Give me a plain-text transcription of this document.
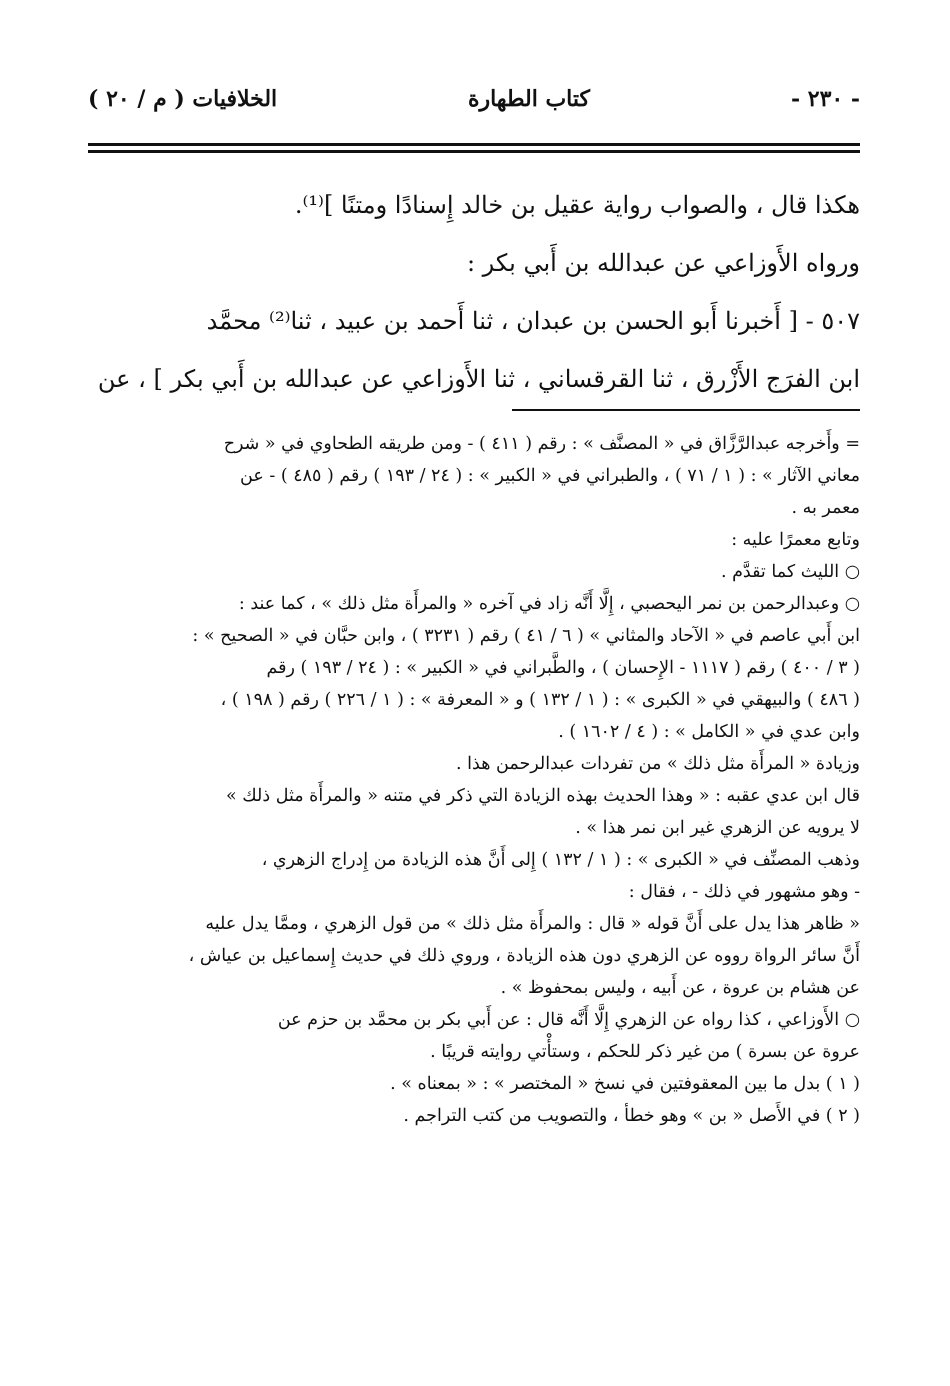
- ٢٣٠ -
كتاب الطهارة
الخلافيات ( م / ٢٠ )

هكذا قال ، والصواب رواية عقيل بن خالد إِسنادًا ومتنًا ]⁽¹⁾.

ورواه الأَوزاعي عن عبدالله بن أَبي بكر :

٥٠٧ - [ أَخبرنا أَبو الحسن بن عبدان ، ثنا أَحمد بن عبيد ، ثنا⁽²⁾ محمَّد

ابن الفرَج الأَزْرق ، ثنا القرقساني ، ثنا الأَوزاعي عن عبدالله بن أَبي بكر ] ، عن

= وأَخرجه عبدالرَّزَّاق في « المصنَّف » : رقم ( ٤١١ ) - ومن طريقه الطحاوي في « شرح

معاني الآثار » : ( ١ / ٧١ ) ، والطبراني في « الكبير » : ( ٢٤ / ١٩٣ ) رقم ( ٤٨٥ ) - عن

معمر به .

وتابع معمرًا عليه :

○ الليث كما تقدَّم .

○ وعبدالرحمن بن نمر اليحصبي ، إِلَّا أَنَّه زاد في آخره « والمرأَة مثل ذلك » ، كما عند :

ابن أَبي عاصم في « الآحاد والمثاني » ( ٦ / ٤١ ) رقم ( ٣٢٣١ ) ، وابن حبَّان في « الصحيح » :

( ٣ / ٤٠٠ ) رقم ( ١١١٧ - الإِحسان ) ، والطَّبراني في « الكبير » : ( ٢٤ / ١٩٣ ) رقم

( ٤٨٦ ) والبيهقي في « الكبرى » : ( ١ / ١٣٢ ) و « المعرفة » : ( ١ / ٢٢٦ ) رقم ( ١٩٨ ) ،

وابن عدي في « الكامل » : ( ٤ / ١٦٠٢ ) .

وزيادة « المرأَة مثل ذلك » من تفردات عبدالرحمن هذا .

قال ابن عدي عقبه : « وهذا الحديث بهذه الزيادة التي ذكر في متنه « والمرأَة مثل ذلك »

لا يرويه عن الزهري غير ابن نمر هذا » .

وذهب المصنِّف في « الكبرى » : ( ١ / ١٣٢ ) إِلى أَنَّ هذه الزيادة من إِدراج الزهري ،

- وهو مشهور في ذلك - ، فقال :

« ظاهر هذا يدل على أَنَّ قوله « قال : والمرأَة مثل ذلك » من قول الزهري ، وممَّا يدل عليه

أَنَّ سائر الرواة رووه عن الزهري دون هذه الزيادة ، وروي ذلك في حديث إِسماعيل بن عياش ،

عن هشام بن عروة ، عن أَبيه ، وليس بمحفوظ » .

○ الأَوزاعي ، كذا رواه عن الزهري إِلَّا أَنَّه قال : عن أَبي بكر بن محمَّد بن حزم عن

عروة عن بسرة ) من غير ذكر للحكم ، وستأْتي روايته قريبًا .

( ١ ) بدل ما بين المعقوفتين في نسخ « المختصر » : « بمعناه » .

( ٢ ) في الأَصل « بن » وهو خطأ ، والتصويب من كتب التراجم .
